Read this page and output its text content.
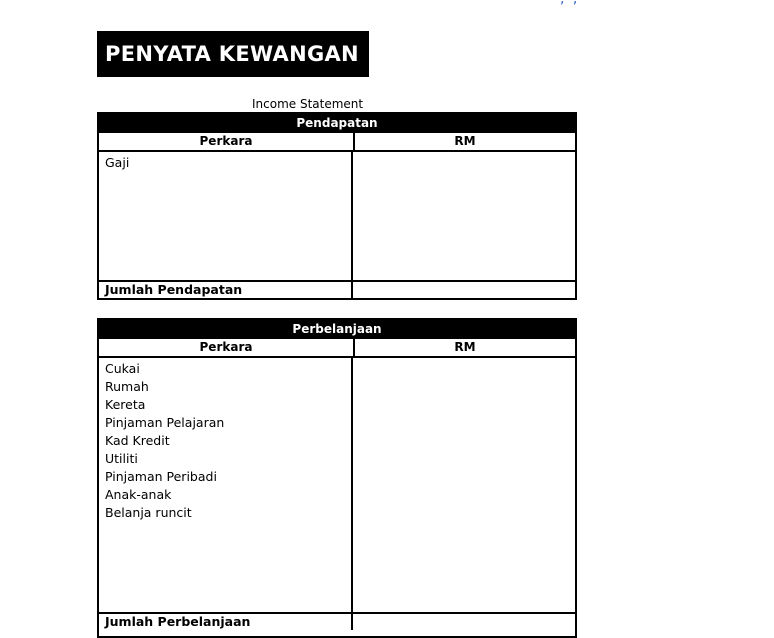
PENYATA KEWANGAN
Income Statement
Pendapatan
Perkara	RM
Gaji
Jumlah Pendapatan
Perbelanjaan
Perkara	RM
Cukai
Rumah
Kereta
Pinjaman Pelajaran
Kad Kredit
Utiliti
Pinjaman Peribadi
Anak-anak
Belanja runcit
Jumlah Perbelanjaan
